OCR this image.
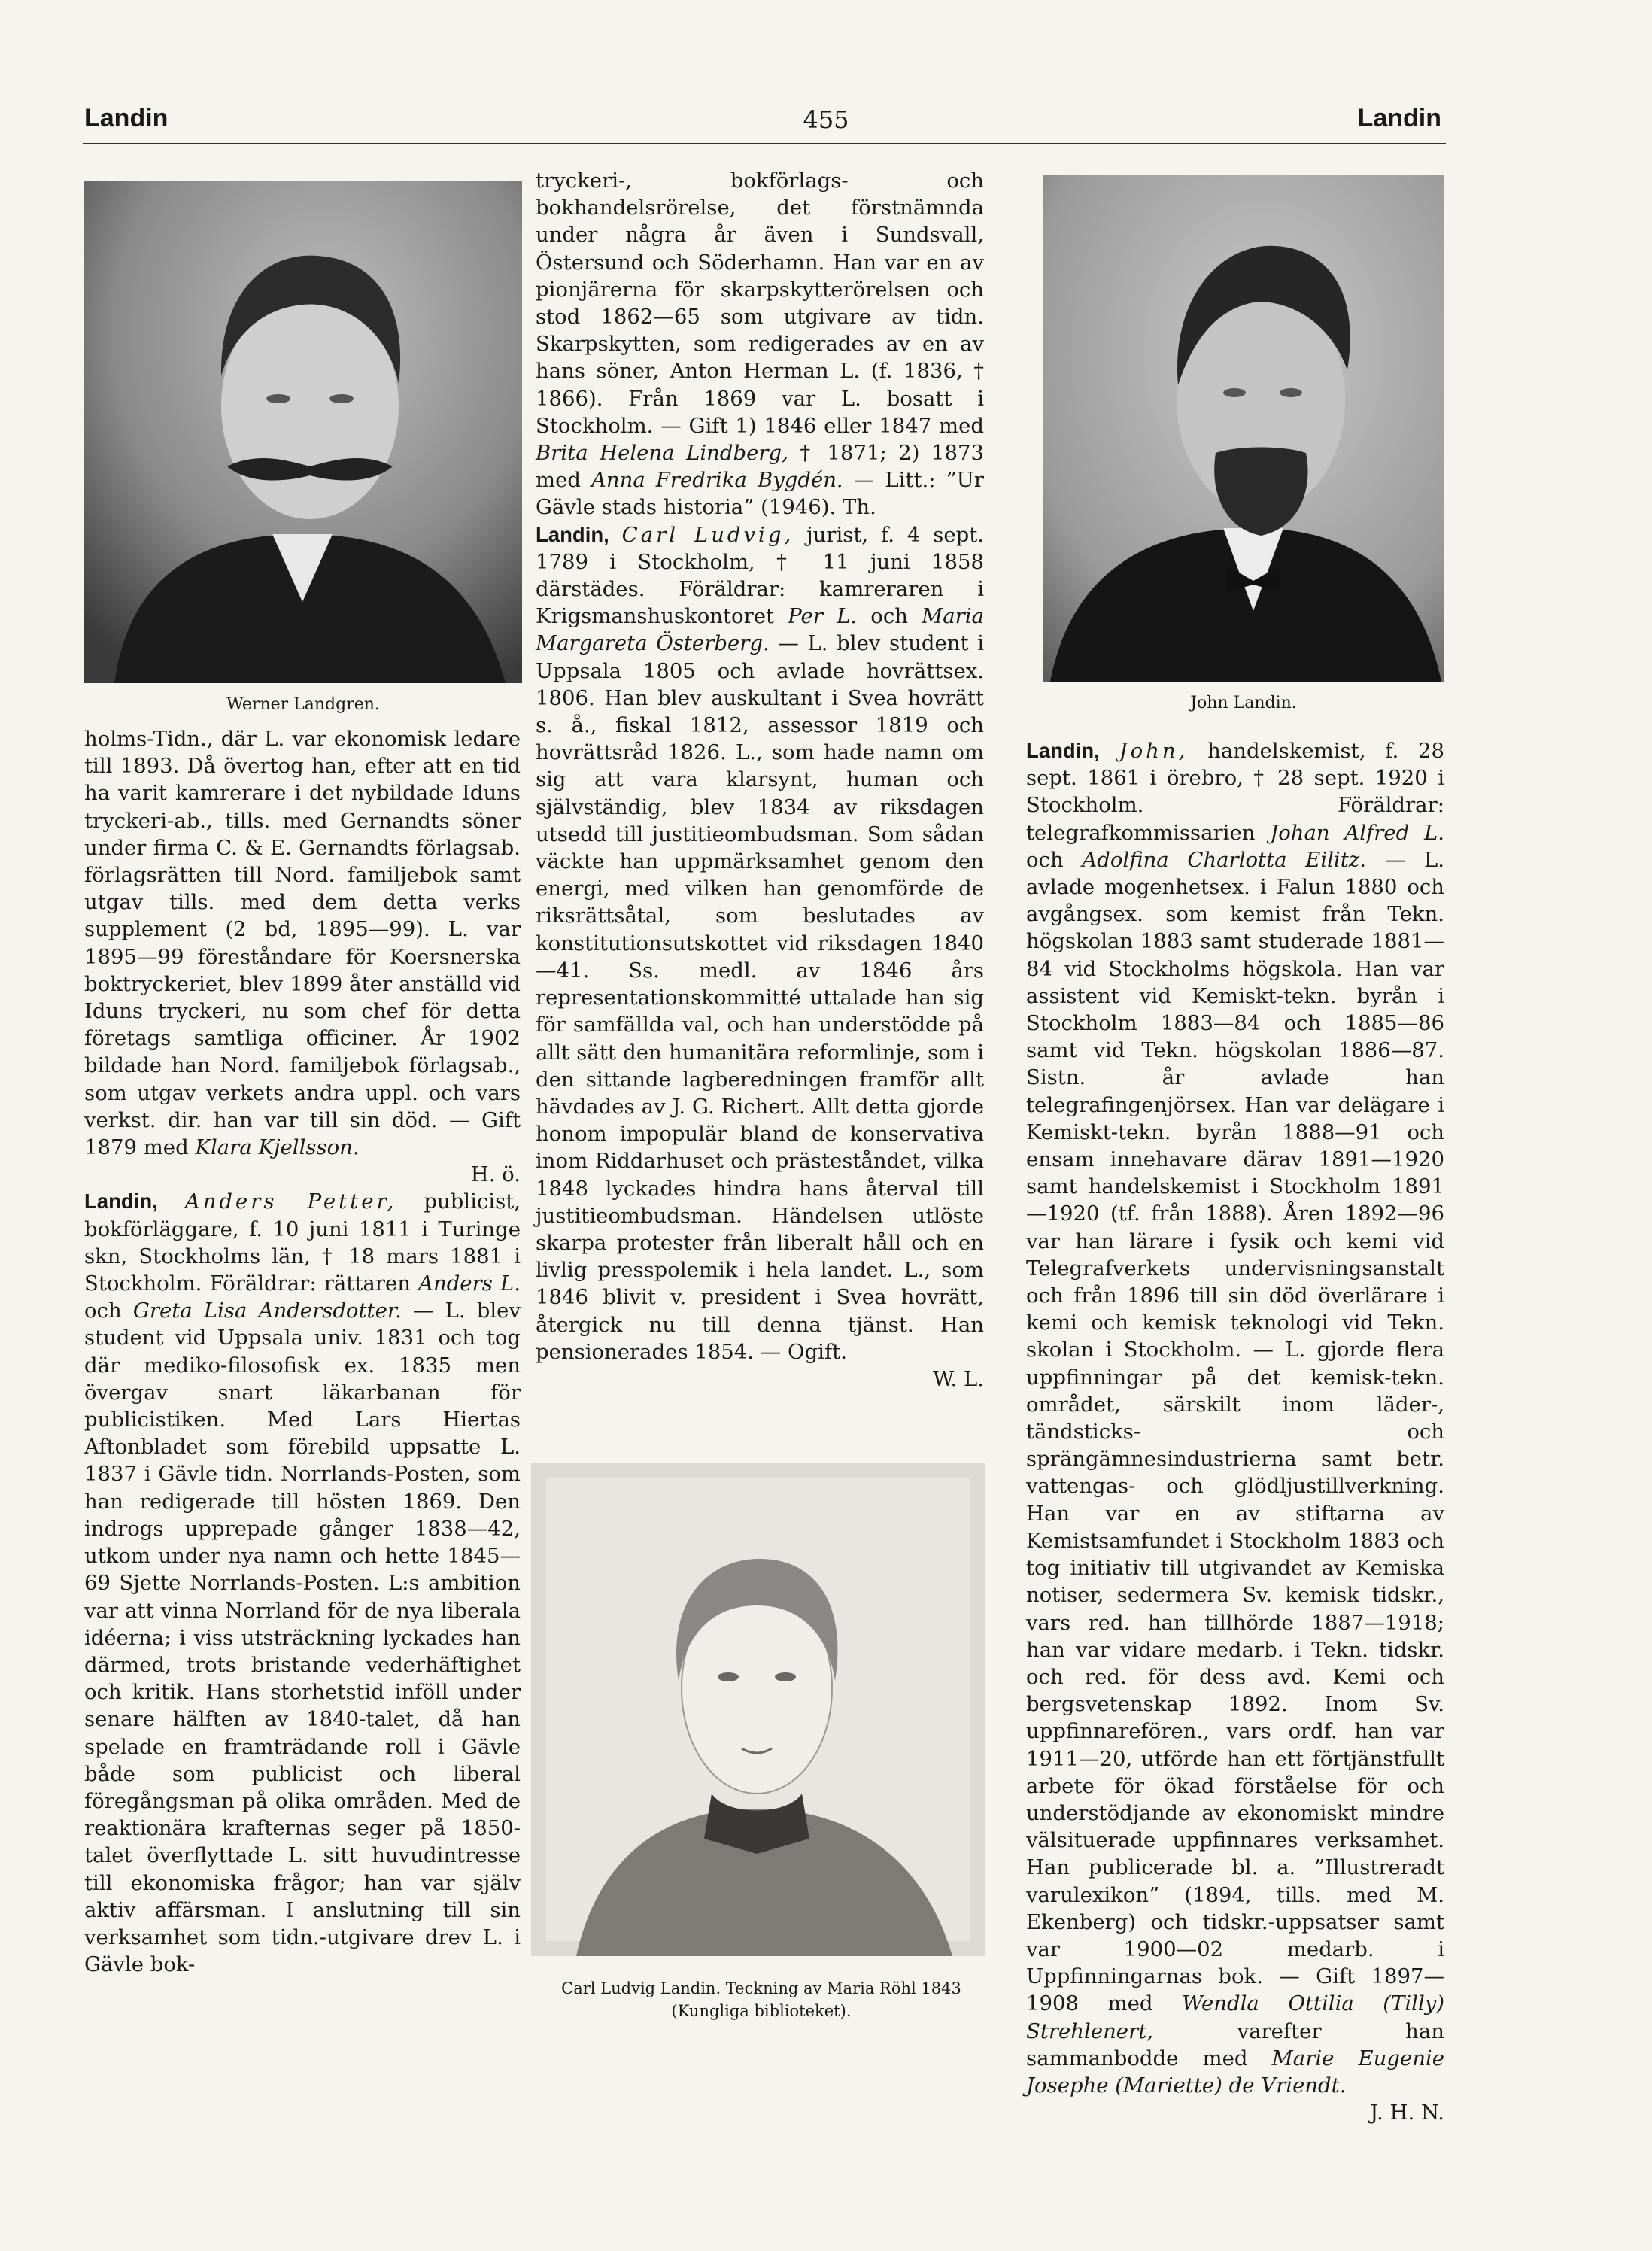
Landin	455	Landin
Werner Landgren.	John Landin.
Carl Ludvig Landin. Teckning av Maria Röhl 1843 (Kungliga biblioteket).

holms-Tidn., där L. var ekonomisk ledare till 1893. Då övertog han, efter att en tid ha varit kamrerare i det nybildade Iduns tryckeri-ab., tills. med Gernandts söner under firma C. & E. Gernandts förlagsab. förlagsrätten till Nord. familjebok samt utgav tills. med dem detta verks supplement (2 bd, 1895—99). L. var 1895—99 föreståndare för Koersnerska boktryckeriet, blev 1899 åter anställd vid Iduns tryckeri, nu som chef för detta företags samtliga officiner. År 1902 bildade han Nord. familjebok förlagsab., som utgav verkets andra uppl. och vars verkst. dir. han var till sin död. — Gift 1879 med Klara Kjellsson.
H. ö.

Landin, Anders Petter, publicist, bokförläggare, f. 10 juni 1811 i Turinge skn, Stockholms län, † 18 mars 1881 i Stockholm. Föräldrar: rättaren Anders L. och Greta Lisa Andersdotter. — L. blev student vid Uppsala univ. 1831 och tog där mediko-filosofisk ex. 1835 men övergav snart läkarbanan för publicistiken. Med Lars Hiertas Aftonbladet som förebild uppsatte L. 1837 i Gävle tidn. Norrlands-Posten, som han redigerade till hösten 1869. Den indrogs upprepade gånger 1838—42, utkom under nya namn och hette 1845—69 Sjette Norrlands-Posten. L:s ambition var att vinna Norrland för de nya liberala idéerna; i viss utsträckning lyckades han därmed, trots bristande vederhäftighet och kritik. Hans storhetstid inföll under senare hälften av 1840-talet, då han spelade en framträdande roll i Gävle både som publicist och liberal föregångsman på olika områden. Med de reaktionära krafternas seger på 1850-talet överflyttade L. sitt huvudintresse till ekonomiska frågor; han var själv aktiv affärsman. I anslutning till sin verksamhet som tidn.-utgivare drev L. i Gävle bok-

tryckeri-, bokförlags- och bokhandelsrörelse, det förstnämnda under några år även i Sundsvall, Östersund och Söderhamn. Han var en av pionjärerna för skarpskytterörelsen och stod 1862—65 som utgivare av tidn. Skarpskytten, som redigerades av en av hans söner, Anton Herman L. (f. 1836, † 1866). Från 1869 var L. bosatt i Stockholm. — Gift 1) 1846 eller 1847 med Brita Helena Lindberg, † 1871; 2) 1873 med Anna Fredrika Bygdén. — Litt.: ”Ur Gävle stads historia” (1946). Th.

Landin, Carl Ludvig, jurist, f. 4 sept. 1789 i Stockholm, † 11 juni 1858 därstädes. Föräldrar: kamreraren i Krigsmanshuskontoret Per L. och Maria Margareta Österberg. — L. blev student i Uppsala 1805 och avlade hovrättsex. 1806. Han blev auskultant i Svea hovrätt s. å., fiskal 1812, assessor 1819 och hovrättsråd 1826. L., som hade namn om sig att vara klarsynt, human och självständig, blev 1834 av riksdagen utsedd till justitieombudsman. Som sådan väckte han uppmärksamhet genom den energi, med vilken han genomförde de riksrättsåtal, som beslutades av konstitutionsutskottet vid riksdagen 1840—41. Ss. medl. av 1846 års representationskommitté uttalade han sig för samfällda val, och han understödde på allt sätt den humanitära reformlinje, som i den sittande lagberedningen framför allt hävdades av J. G. Richert. Allt detta gjorde honom impopulär bland de konservativa inom Riddarhuset och prästeståndet, vilka 1848 lyckades hindra hans återval till justitieombudsman. Händelsen utlöste skarpa protester från liberalt håll och en livlig presspolemik i hela landet. L., som 1846 blivit v. president i Svea hovrätt, återgick nu till denna tjänst. Han pensionerades 1854. — Ogift.
W. L.

Landin, John, handelskemist, f. 28 sept. 1861 i örebro, † 28 sept. 1920 i Stockholm. Föräldrar: telegrafkommissarien Johan Alfred L. och Adolfina Charlotta Eilitz. — L. avlade mogenhetsex. i Falun 1880 och avgångsex. som kemist från Tekn. högskolan 1883 samt studerade 1881—84 vid Stockholms högskola. Han var assistent vid Kemiskt-tekn. byrån i Stockholm 1883—84 och 1885—86 samt vid Tekn. högskolan 1886—87. Sistn. år avlade han telegrafingenjörsex. Han var delägare i Kemiskt-tekn. byrån 1888—91 och ensam innehavare därav 1891—1920 samt handelskemist i Stockholm 1891—1920 (tf. från 1888). Åren 1892—96 var han lärare i fysik och kemi vid Telegrafverkets undervisningsanstalt och från 1896 till sin död överlärare i kemi och kemisk teknologi vid Tekn. skolan i Stockholm. — L. gjorde flera uppfinningar på det kemisk-tekn. området, särskilt inom läder-, tändsticks- och sprängämnesindustrierna samt betr. vattengas- och glödljustillverkning. Han var en av stiftarna av Kemistsamfundet i Stockholm 1883 och tog initiativ till utgivandet av Kemiska notiser, sedermera Sv. kemisk tidskr., vars red. han tillhörde 1887—1918; han var vidare medarb. i Tekn. tidskr. och red. för dess avd. Kemi och bergsvetenskap 1892. Inom Sv. uppfinnarefören., vars ordf. han var 1911—20, utförde han ett förtjänstfullt arbete för ökad förståelse för och understödjande av ekonomiskt mindre välsituerade uppfinnares verksamhet. Han publicerade bl. a. ”Illustreradt varulexikon” (1894, tills. med M. Ekenberg) och tidskr.-uppsatser samt var 1900—02 medarb. i Uppfinningarnas bok. — Gift 1897—1908 med Wendla Ottilia (Tilly) Strehlenert, varefter han sammanbodde med Marie Eugenie Josephe (Mariette) de Vriendt.
J. H. N.
